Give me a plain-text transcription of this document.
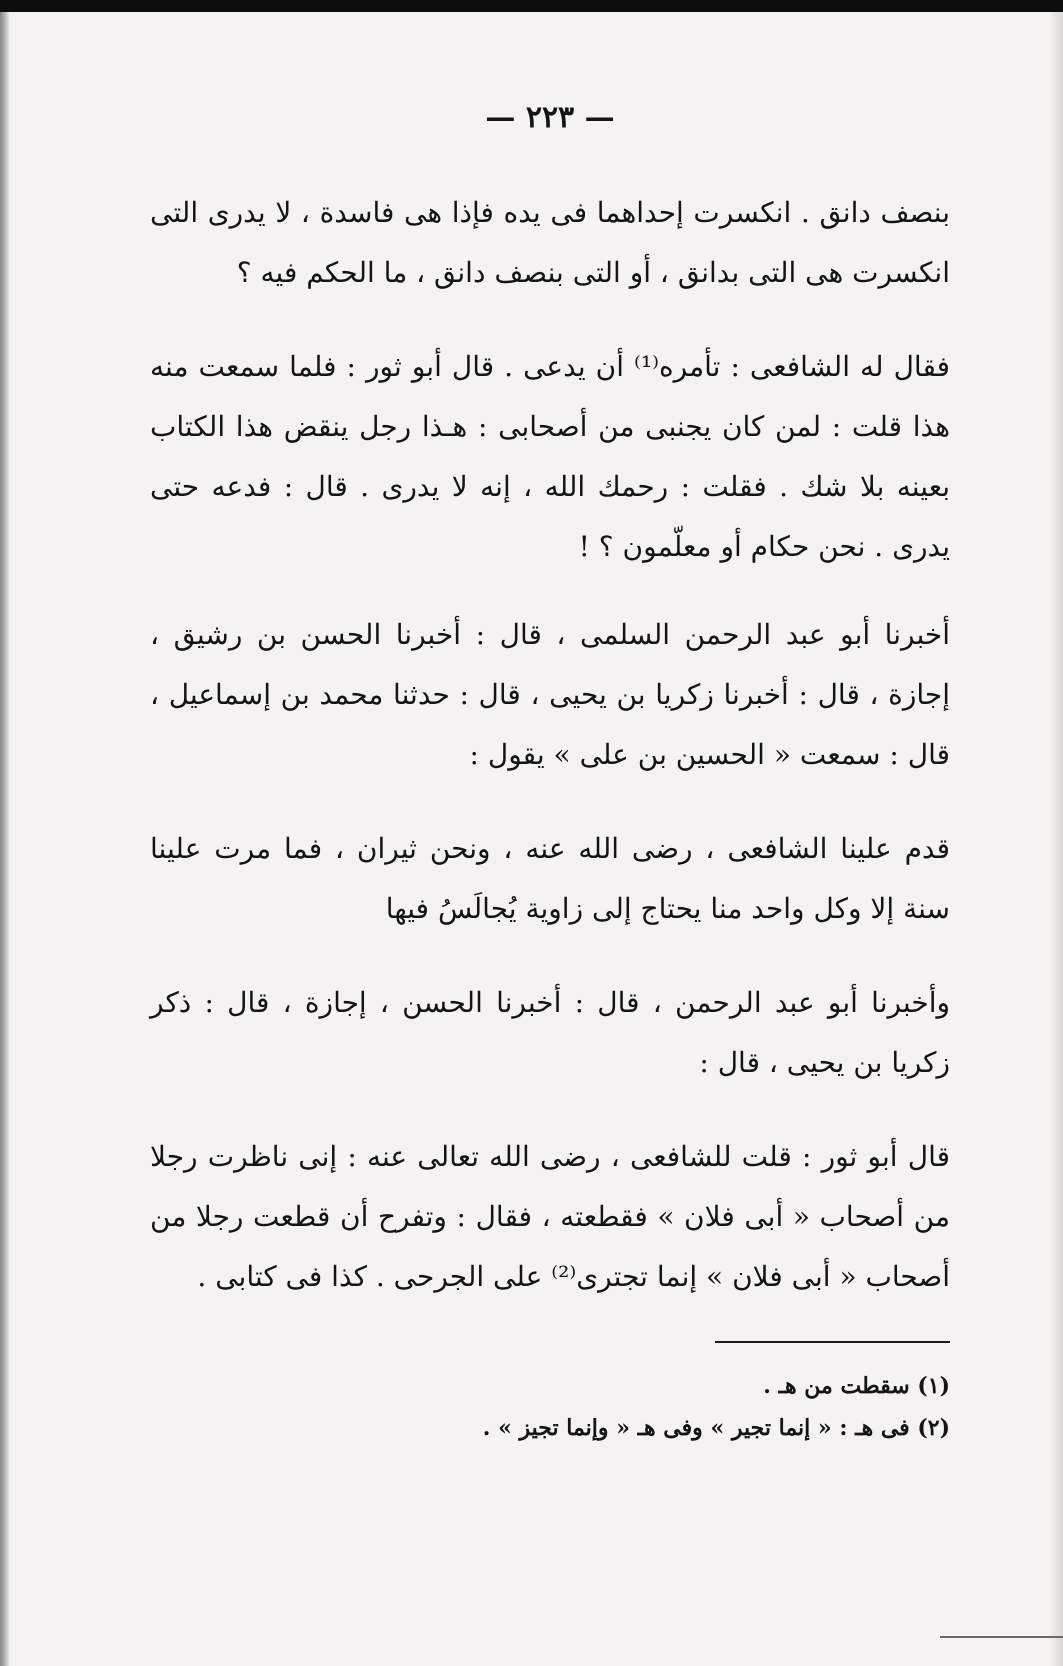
— ٢٢٣ —

بنصف دانق . انكسرت إحداهما فى يده فإذا هى فاسدة ، لا يدرى التى انكسرت هى التى بدانق ، أو التى بنصف دانق ، ما الحكم فيه ؟

فقال له الشافعى : تأمره⁽¹⁾ أن يدعى . قال أبو ثور : فلما سمعت منه هذا قلت : لمن كان يجنبى من أصحابى : هـذا رجل ينقض هذا الكتاب بعينه بلا شك . فقلت : رحمك الله ، إنه لا يدرى . قال : فدعه حتى يدرى . نحن حكام أو معلّمون ؟ !

أخبرنا أبو عبد الرحمن السلمى ، قال : أخبرنا الحسن بن رشيق ، إجازة ، قال : أخبرنا زكريا بن يحيى ، قال : حدثنا محمد بن إسماعيل ، قال : سمعت « الحسين بن على » يقول :

قدم علينا الشافعى ، رضى الله عنه ، ونحن ثيران ، فما مرت علينا سنة إلا وكل واحد منا يحتاج إلى زاوية يُجالَسُ فيها

وأخبرنا أبو عبد الرحمن ، قال : أخبرنا الحسن ، إجازة ، قال : ذكر زكريا بن يحيى ، قال :

قال أبو ثور : قلت للشافعى ، رضى الله تعالى عنه : إنى ناظرت رجلا من أصحاب « أبى فلان » فقطعته ، فقال : وتفرح أن قطعت رجلا من أصحاب « أبى فلان » إنما تجترى⁽²⁾ على الجرحى . كذا فى كتابى .

(١) سقطت من هـ .
(٢) فى هـ : « إنما تجير » وفى هـ « وإنما تجيز » .
